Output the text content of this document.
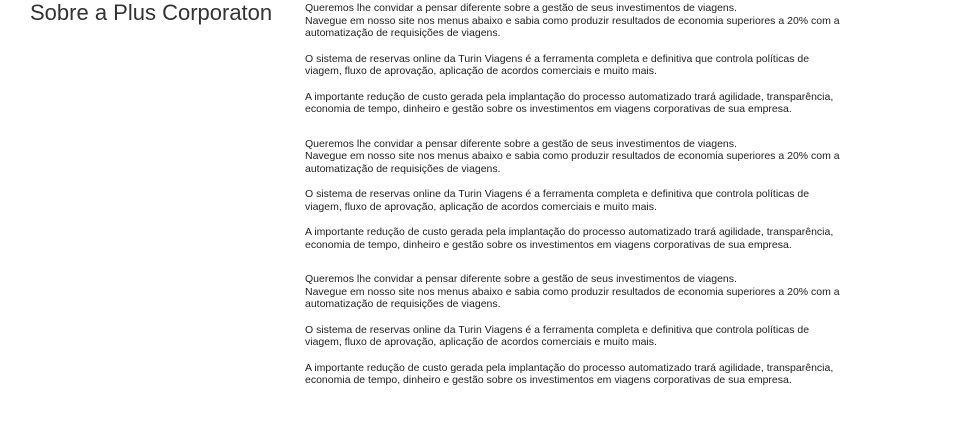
Sobre a Plus Corporaton	Queremos lhe convidar a pensar diferente sobre a gestão de seus investimentos de viagens.
Navegue em nosso site nos menus abaixo e sabia como produzir resultados de economia superiores a 20% com a
automatização de requisições de viagens.

O sistema de reservas online da Turin Viagens é a ferramenta completa e definitiva que controla políticas de
viagem, fluxo de aprovação, aplicação de acordos comerciais e muito mais.

A importante redução de custo gerada pela implantação do processo automatizado trará agilidade, transparência,
economia de tempo, dinheiro e gestão sobre os investimentos em viagens corporativas de sua empresa.

Queremos lhe convidar a pensar diferente sobre a gestão de seus investimentos de viagens.
Navegue em nosso site nos menus abaixo e sabia como produzir resultados de economia superiores a 20% com a
automatização de requisições de viagens.

O sistema de reservas online da Turin Viagens é a ferramenta completa e definitiva que controla políticas de
viagem, fluxo de aprovação, aplicação de acordos comerciais e muito mais.

A importante redução de custo gerada pela implantação do processo automatizado trará agilidade, transparência,
economia de tempo, dinheiro e gestão sobre os investimentos em viagens corporativas de sua empresa.

Queremos lhe convidar a pensar diferente sobre a gestão de seus investimentos de viagens.
Navegue em nosso site nos menus abaixo e sabia como produzir resultados de economia superiores a 20% com a
automatização de requisições de viagens.

O sistema de reservas online da Turin Viagens é a ferramenta completa e definitiva que controla políticas de
viagem, fluxo de aprovação, aplicação de acordos comerciais e muito mais.

A importante redução de custo gerada pela implantação do processo automatizado trará agilidade, transparência,
economia de tempo, dinheiro e gestão sobre os investimentos em viagens corporativas de sua empresa.
